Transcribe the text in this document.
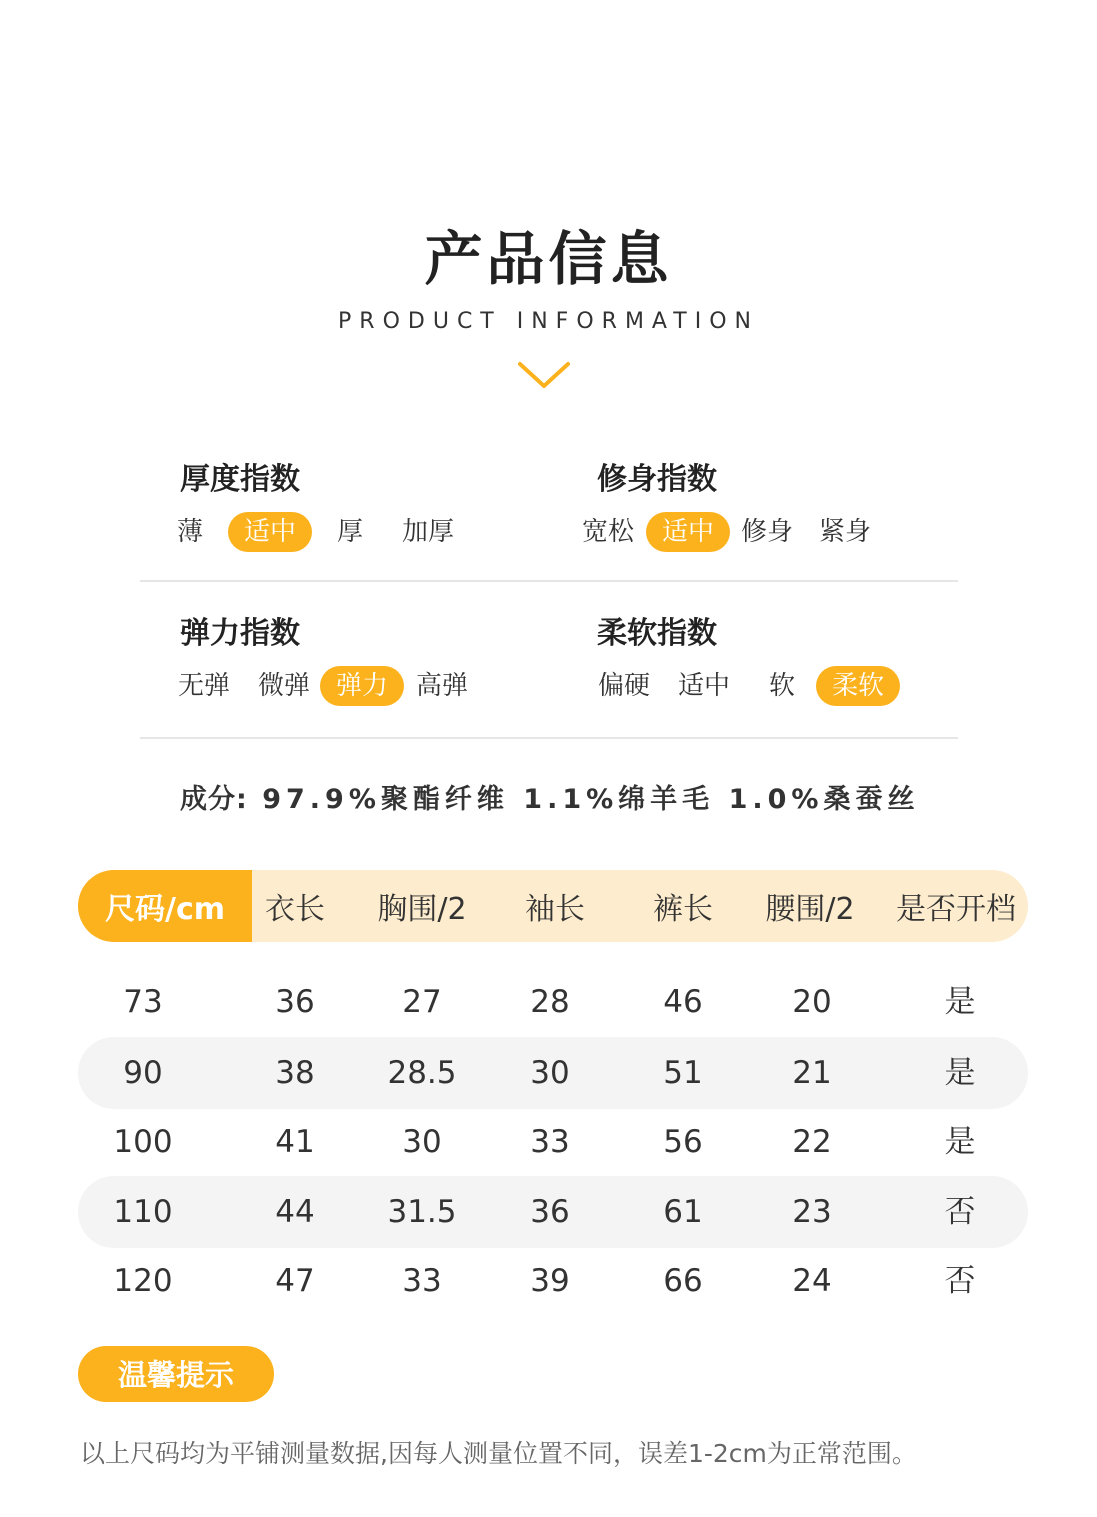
产品信息
PRODUCT INFORMATION
厚度指数
薄	适中	厚	加厚
修身指数
宽松	适中	修身 紧身
弹力指数
无弹	微弹 弹力	高弹
柔软指数
偏硬	适中	软	柔软
成分: 97.9%聚酯纤维 1.1%绵羊毛 1.0%桑蚕丝
尺码/cm	衣长	胸围/2	袖长	裤长	腰围/2	是否开档
73	36	27	28	46	20	是
90	38	28.5	30	51	21	是
100	41	30	33	56	22	是
110	44	31.5	36	61	23	否
120	47	33	39	66	24	否
温馨提示
以上尺码均为平铺测量数据,因每人测量位置不同，误差1-2cm为正常范围。
